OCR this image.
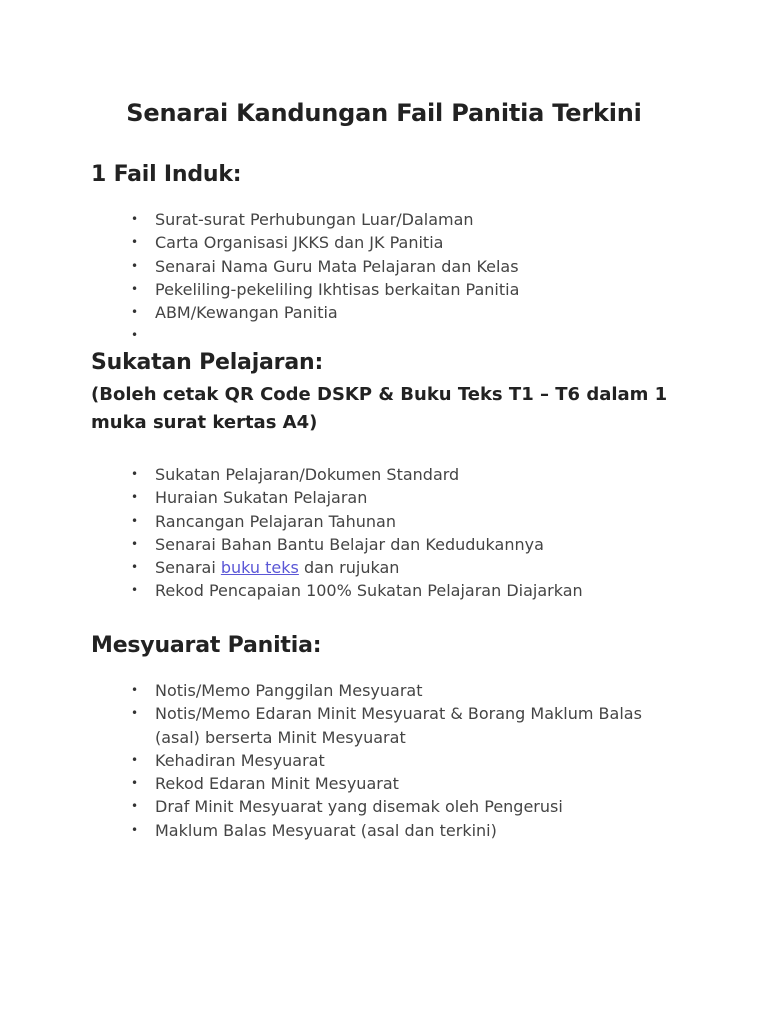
Senarai Kandungan Fail Panitia Terkini
1 Fail Induk:
• Surat-surat Perhubungan Luar/Dalaman
• Carta Organisasi JKKS dan JK Panitia
• Senarai Nama Guru Mata Pelajaran dan Kelas
• Pekeliling-pekeliling Ikhtisas berkaitan Panitia
• ABM/Kewangan Panitia
•
Sukatan Pelajaran:

(Boleh cetak QR Code DSKP & Buku Teks T1 – T6 dalam 1 muka surat kertas A4)

• Sukatan Pelajaran/Dokumen Standard
• Huraian Sukatan Pelajaran
• Rancangan Pelajaran Tahunan
• Senarai Bahan Bantu Belajar dan Kedudukannya
• Senarai buku teks dan rujukan
• Rekod Pencapaian 100% Sukatan Pelajaran Diajarkan
Mesyuarat Panitia:
• Notis/Memo Panggilan Mesyuarat
• Notis/Memo Edaran Minit Mesyuarat & Borang Maklum Balas (asal) berserta Minit Mesyuarat
• Kehadiran Mesyuarat
• Rekod Edaran Minit Mesyuarat
• Draf Minit Mesyuarat yang disemak oleh Pengerusi
• Maklum Balas Mesyuarat (asal dan terkini)
